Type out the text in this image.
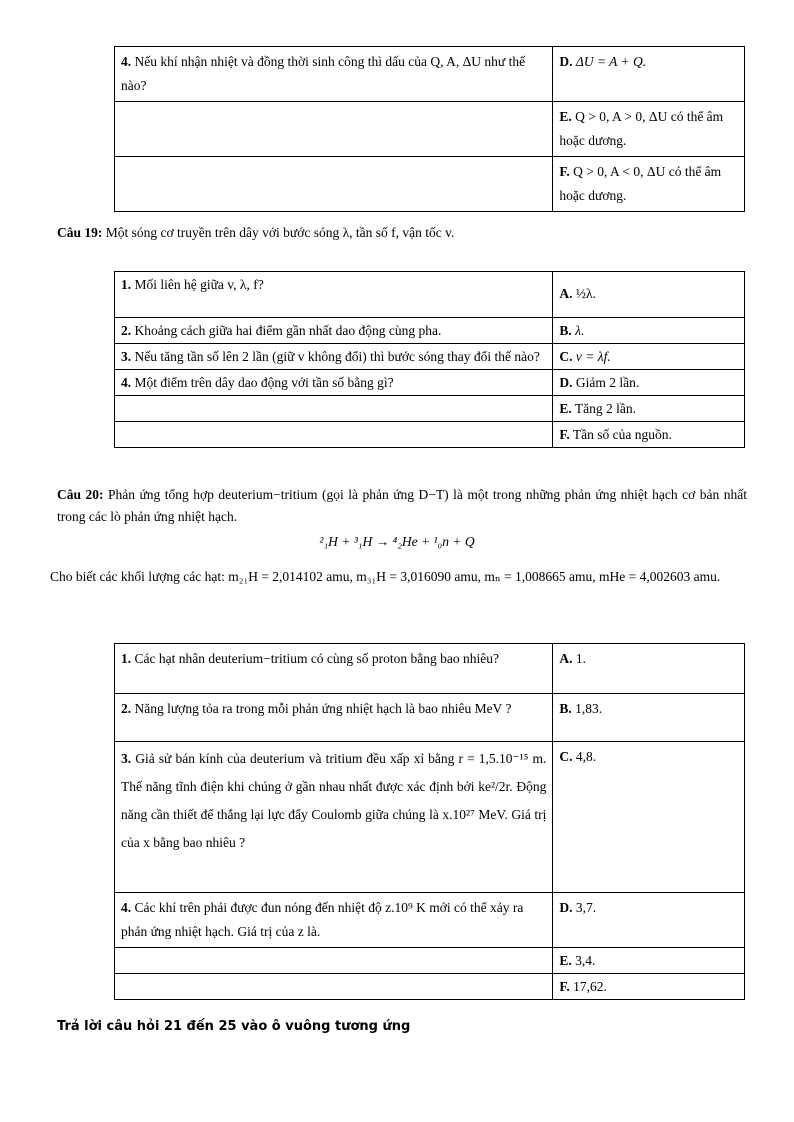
4. Nếu khí nhận nhiệt và đồng thời sinh công thì dấu của Q, A, ΔU như thế nào?	D. ΔU = A + Q.
	E. Q > 0, A > 0, ΔU có thể âm hoặc dương.
	F. Q > 0, A < 0, ΔU có thể âm hoặc dương.

Câu 19: Một sóng cơ truyền trên dây với bước sóng λ, tần số f, vận tốc v.

1. Mối liên hệ giữa v, λ, f?	A. ½λ.
2. Khoảng cách giữa hai điểm gần nhất dao động cùng pha.	B. λ.
3. Nếu tăng tần số lên 2 lần (giữ v không đổi) thì bước sóng thay đổi thế nào?	C. v = λf.
4. Một điểm trên dây dao động với tần số bằng gì?	D. Giảm 2 lần.
	E. Tăng 2 lần.
	F. Tần số của nguồn.

Câu 20: Phản ứng tổng hợp deuterium−tritium (gọi là phản ứng D−T) là một trong những phản ứng nhiệt hạch cơ bản nhất trong các lò phản ứng nhiệt hạch.

²₁H + ³₁H → ⁴₂He + ¹₀n + Q

Cho biết các khối lượng các hạt: m₂₁H = 2,014102 amu, m₃₁H = 3,016090 amu, mₙ = 1,008665 amu, mHe = 4,002603 amu.

1. Các hạt nhân deuterium−tritium có cùng số proton bằng bao nhiêu?	A. 1.
2. Năng lượng tỏa ra trong mỗi phản ứng nhiệt hạch là bao nhiêu MeV ?	B. 1,83.
3. Giả sử bán kính của deuterium và tritium đều xấp xỉ bằng r = 1,5.10⁻¹⁵ m. Thế năng tĩnh điện khi chúng ở gần nhau nhất được xác định bởi ke²/2r. Động năng cần thiết để thắng lại lực đẩy Coulomb giữa chúng là x.10²⁷ MeV. Giá trị của x bằng bao nhiêu ?	C. 4,8.
4. Các khí trên phải được đun nóng đến nhiệt độ z.10⁹ K mới có thể xảy ra phản ứng nhiệt hạch. Giá trị của z là.	D. 3,7.
	E. 3,4.
	F. 17,62.
Trả lời câu hỏi 21 đến 25 vào ô vuông tương ứng
